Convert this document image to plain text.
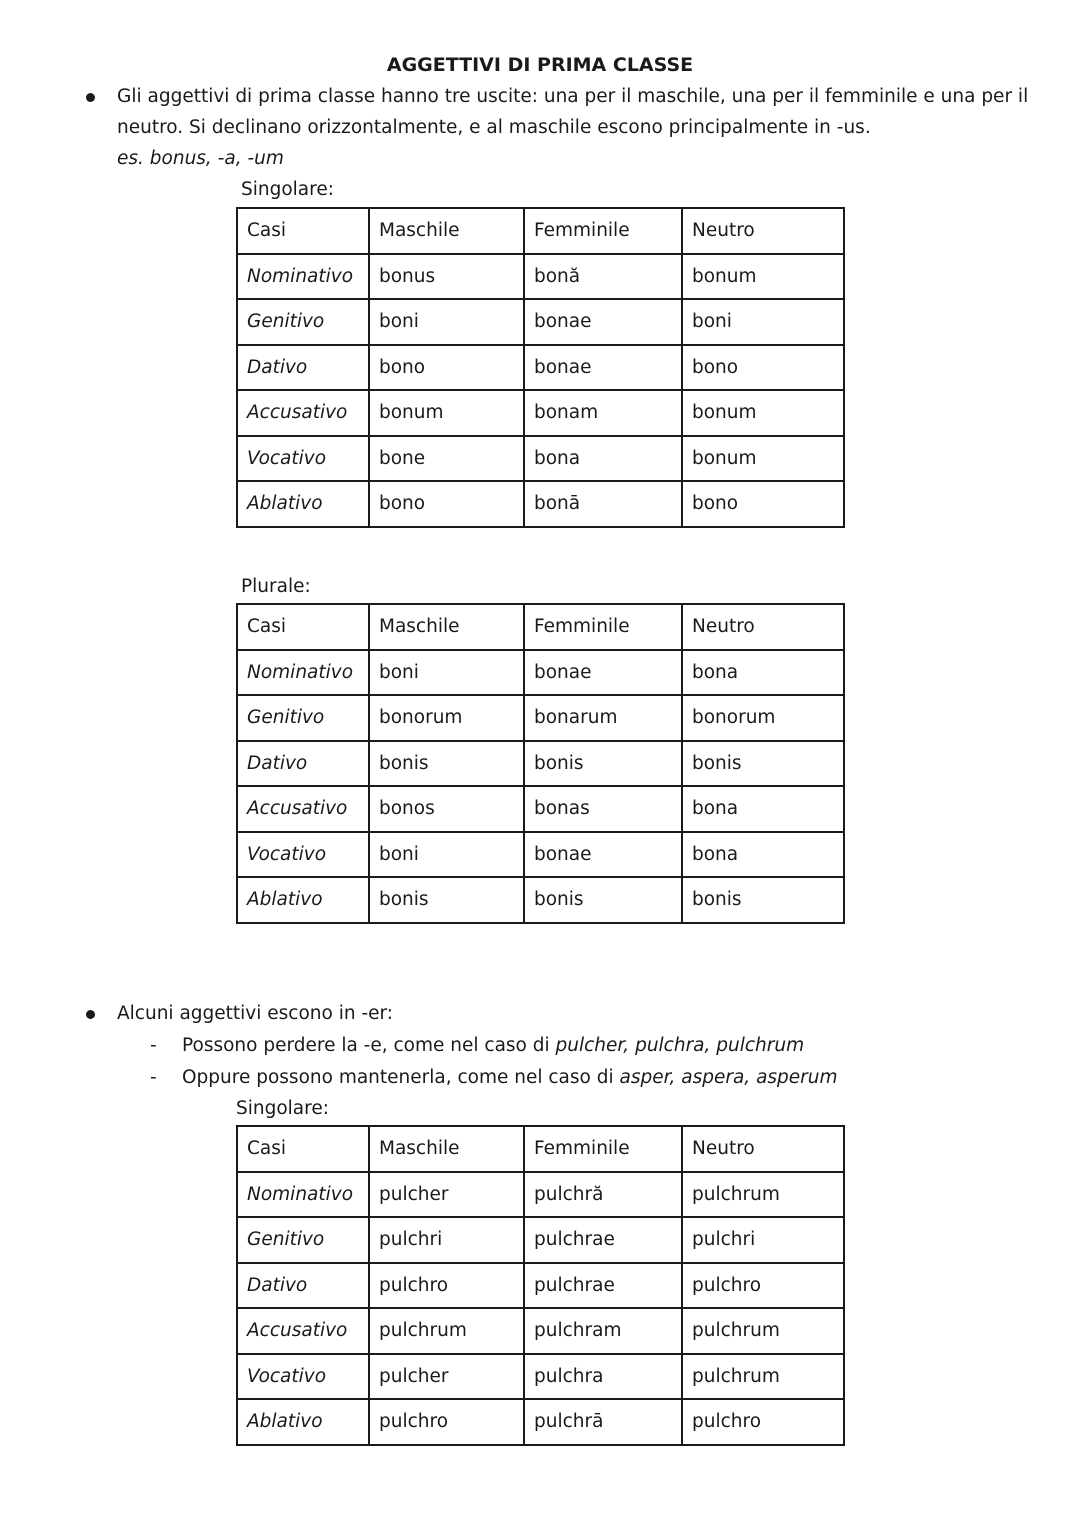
AGGETTIVI DI PRIMA CLASSE
Gli aggettivi di prima classe hanno tre uscite: una per il maschile, una per il femminile e una per il
neutro. Si declinano orizzontalmente, e al maschile escono principalmente in -us.
es. bonus, -a, -um
Singolare:
Casi	Maschile	Femminile	Neutro
Nominativo	bonus	bonă	bonum
Genitivo	boni	bonae	boni
Dativo	bono	bonae	bono
Accusativo	bonum	bonam	bonum
Vocativo	bone	bona	bonum
Ablativo	bono	bonā	bono
Plurale:
Casi	Maschile	Femminile	Neutro
Nominativo	boni	bonae	bona
Genitivo	bonorum	bonarum	bonorum
Dativo	bonis	bonis	bonis
Accusativo	bonos	bonas	bona
Vocativo	boni	bonae	bona
Ablativo	bonis	bonis	bonis
Alcuni aggettivi escono in -er:
- Possono perdere la -e, come nel caso di pulcher, pulchra, pulchrum
- Oppure possono mantenerla, come nel caso di asper, aspera, asperum
Singolare:
Casi	Maschile	Femminile	Neutro
Nominativo	pulcher	pulchră	pulchrum
Genitivo	pulchri	pulchrae	pulchri
Dativo	pulchro	pulchrae	pulchro
Accusativo	pulchrum	pulchram	pulchrum
Vocativo	pulcher	pulchra	pulchrum
Ablativo	pulchro	pulchrā	pulchro
